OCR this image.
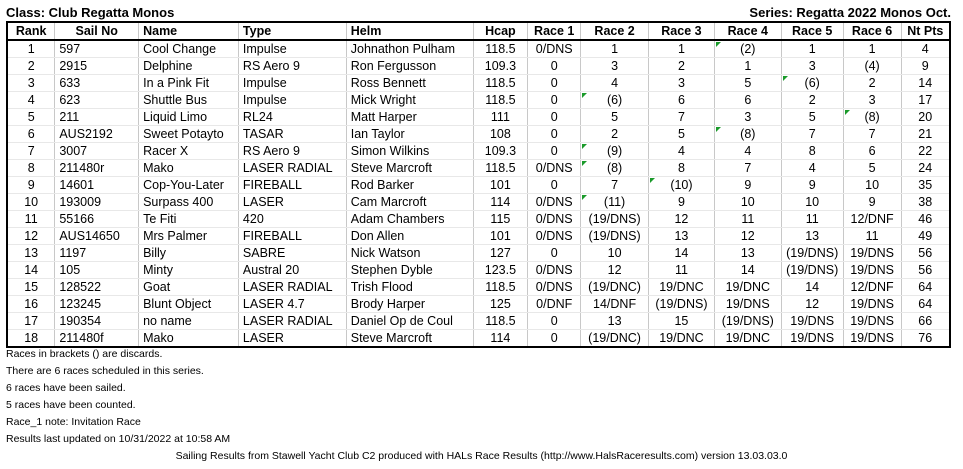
Class: Club Regatta Monos	Series: Regatta 2022 Monos Oct.
Rank	Sail No	Name	Type	Helm	Hcap	Race 1	Race 2	Race 3	Race 4	Race 5	Race 6	Nt Pts
1	597	Cool Change	Impulse	Johnathon Pulham	118.5	0/DNS	1	1	(2)	1	1	4
2	2915	Delphine	RS Aero 9	Ron Fergusson	109.3	0	3	2	1	3	(4)	9
3	633	In a Pink Fit	Impulse	Ross Bennett	118.5	0	4	3	5	(6)	2	14
4	623	Shuttle Bus	Impulse	Mick Wright	118.5	0	(6)	6	6	2	3	17
5	211	Liquid Limo	RL24	Matt Harper	111	0	5	7	3	5	(8)	20
6	AUS2192	Sweet Potayto	TASAR	Ian Taylor	108	0	2	5	(8)	7	7	21
7	3007	Racer X	RS Aero 9	Simon Wilkins	109.3	0	(9)	4	4	8	6	22
8	211480r	Mako	LASER RADIAL	Steve Marcroft	118.5	0/DNS	(8)	8	7	4	5	24
9	14601	Cop-You-Later	FIREBALL	Rod Barker	101	0	7	(10)	9	9	10	35
10	193009	Surpass 400	LASER	Cam Marcroft	114	0/DNS	(11)	9	10	10	9	38
11	55166	Te Fiti	420	Adam Chambers	115	0/DNS	(19/DNS)	12	11	11	12/DNF	46
12	AUS14650	Mrs Palmer	FIREBALL	Don Allen	101	0/DNS	(19/DNS)	13	12	13	11	49
13	1197	Billy	SABRE	Nick Watson	127	0	10	14	13	(19/DNS)	19/DNS	56
14	105	Minty	Austral 20	Stephen Dyble	123.5	0/DNS	12	11	14	(19/DNS)	19/DNS	56
15	128522	Goat	LASER RADIAL	Trish Flood	118.5	0/DNS	(19/DNC)	19/DNC	19/DNC	14	12/DNF	64
16	123245	Blunt Object	LASER 4.7	Brody Harper	125	0/DNF	14/DNF	(19/DNS)	19/DNS	12	19/DNS	64
17	190354	no name	LASER RADIAL	Daniel Op de Coul	118.5	0	13	15	(19/DNS)	19/DNS	19/DNS	66
18	211480f	Mako	LASER	Steve Marcroft	114	0	(19/DNC)	19/DNC	19/DNC	19/DNS	19/DNS	76
Races in brackets () are discards.
There are 6 races scheduled in this series.
6 races have been sailed.
5 races have been counted.
Race_1 note: Invitation Race
Results last updated on 10/31/2022 at 10:58 AM
Sailing Results from Stawell Yacht Club C2 produced with HALs Race Results (http://www.HalsRaceresults.com) version 13.03.03.0
